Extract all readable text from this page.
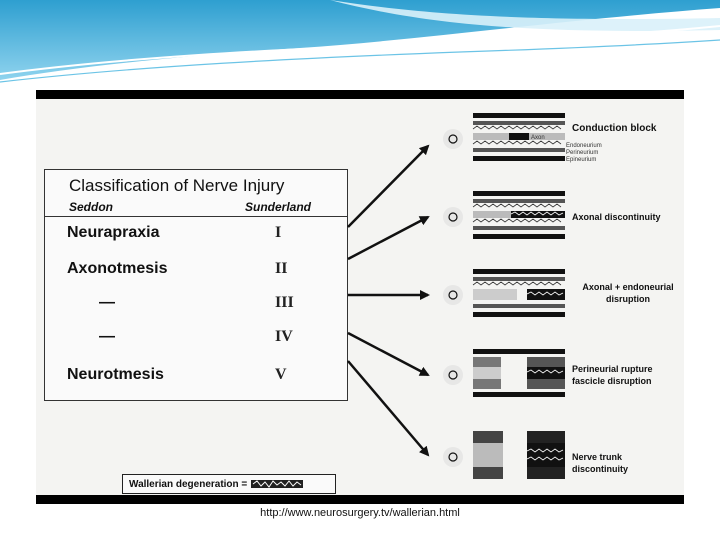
Classification of Nerve Injury
Seddon	Sunderland
Neurapraxia	I
Axonotmesis	II
—	III
—	IV
Neurotmesis	V
Wallerian degeneration =
Axon
Endoneurium
Perineurium
Epineurium
Conduction block
Axonal discontinuity
Axonal + endoneurial
disruption
Perineurial rupture
fascicle disruption
Nerve trunk
discontinuity
http://www.neurosurgery.tv/wallerian.html
